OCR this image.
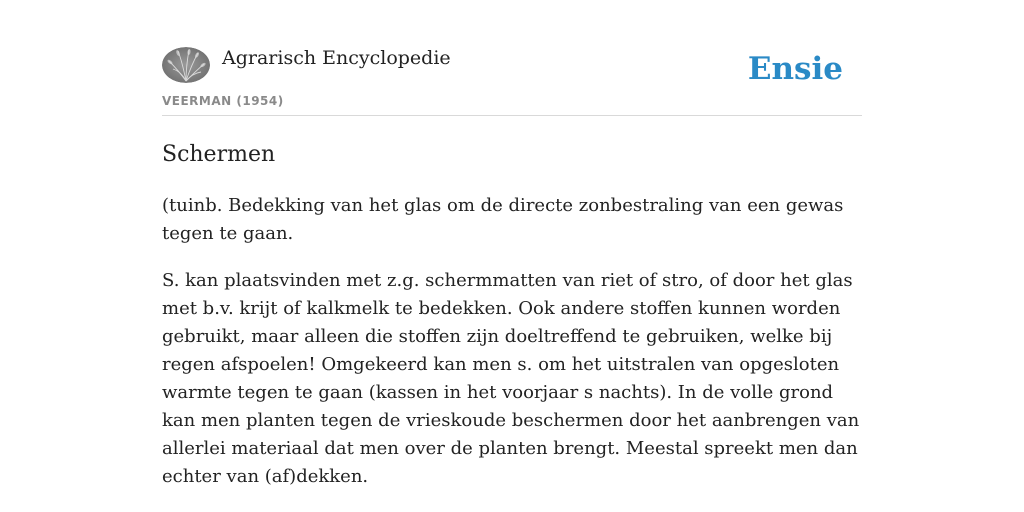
Agrarisch Encyclopedie
VEERMAN (1954)
Ensie
Schermen

(tuinb. Bedekking van het glas om de directe zonbestraling van een gewas tegen te gaan.

S. kan plaatsvinden met z.g. schermmatten van riet of stro, of door het glas met b.v. krijt of kalkmelk te bedekken. Ook andere stoffen kunnen worden gebruikt, maar alleen die stoffen zijn doeltreffend te gebruiken, welke bij regen afspoelen! Omgekeerd kan men s. om het uitstralen van opgesloten warmte tegen te gaan (kassen in het voorjaar s nachts). In de volle grond kan men planten tegen de vrieskoude beschermen door het aanbrengen van allerlei materiaal dat men over de planten brengt. Meestal spreekt men dan echter van (af)dekken.
